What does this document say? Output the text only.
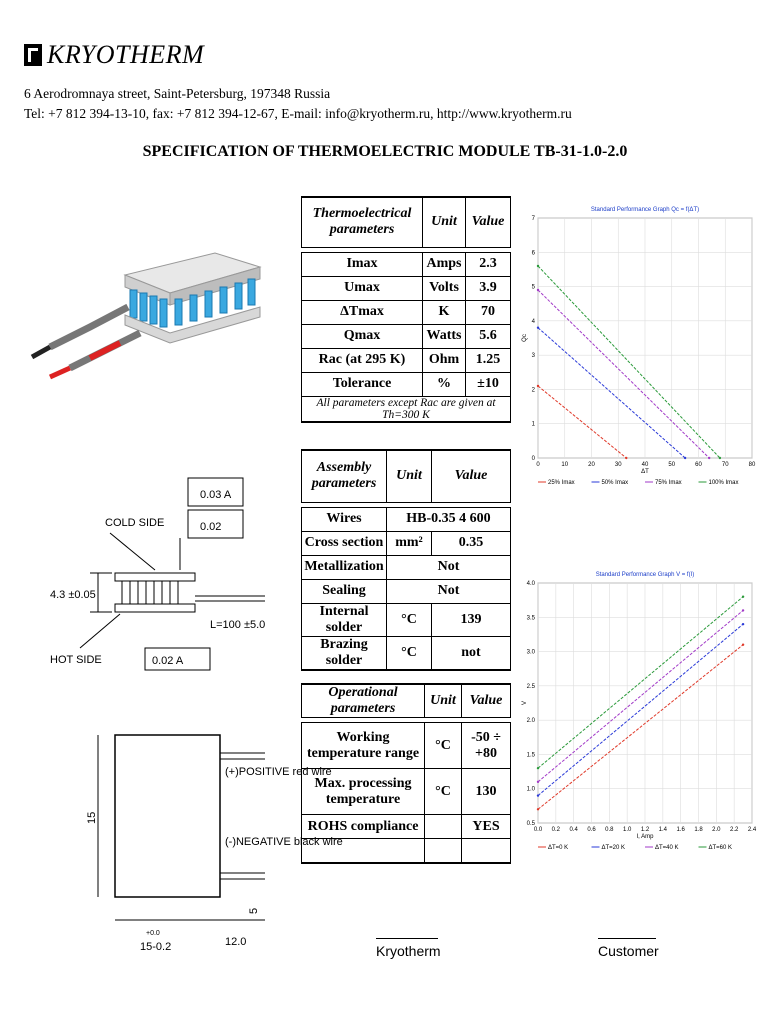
KRYOTHERM
6 Aerodromnaya street, Saint-Petersburg, 197348 Russia
Tel: +7 812 394-13-10, fax: +7 812 394-12-67, E-mail: info@kryotherm.ru, http://www.kryotherm.ru
SPECIFICATION OF THERMOELECTRIC MODULE TB-31-1.0-2.0
COLD SIDE
4.3 ±0.05
0.03 A
0.02
L=100 ±5.0
HOT SIDE	0.02 A
(+)POSITIVE red wire
(-)NEGATIVE black wire
15-0.2
+0.0
12.0
15
5
Thermoelectrical parameters	Unit	Value

Imax	Amps	2.3
Umax	Volts	3.9
ΔTmax	K	70
Qmax	Watts	5.6
Rac (at 295 K)	Ohm	1.25
Tolerance	%	±10
All parameters except Rac are given at Th=300 K		
Assembly parameters	Unit	Value

Wires	HB-0.35 4 600	
Cross section	mm²	0.35
Metallization	Not	
Sealing	Not	
Internal solder	°C	139
Brazing solder	°C	not
Operational parameters	Unit	Value

Working temperature range	°C	-50 ÷ +80
Max. processing temperature	°C	130
ROHS compliance		YES

Standard Performance Graph Qc = f(ΔT)
0	10	20	30	40	50	60	70	80
0
1
2
3
4
5
6
7
ΔT
Qc
25% Imax	50% Imax	75% Imax	100% Imax
Standard Performance Graph V = f(I)
0.0 0.2 0.4 0.6 0.8 1.0 1.2 1.4 1.6 1.8 2.0 2.2 2.4
0.5
1.0
1.5
2.0
2.5
3.0
3.5
4.0
I, Amp
V
ΔT=0 K	ΔT=20 K	ΔT=40 K	ΔT=60 K
Kryotherm	Customer
